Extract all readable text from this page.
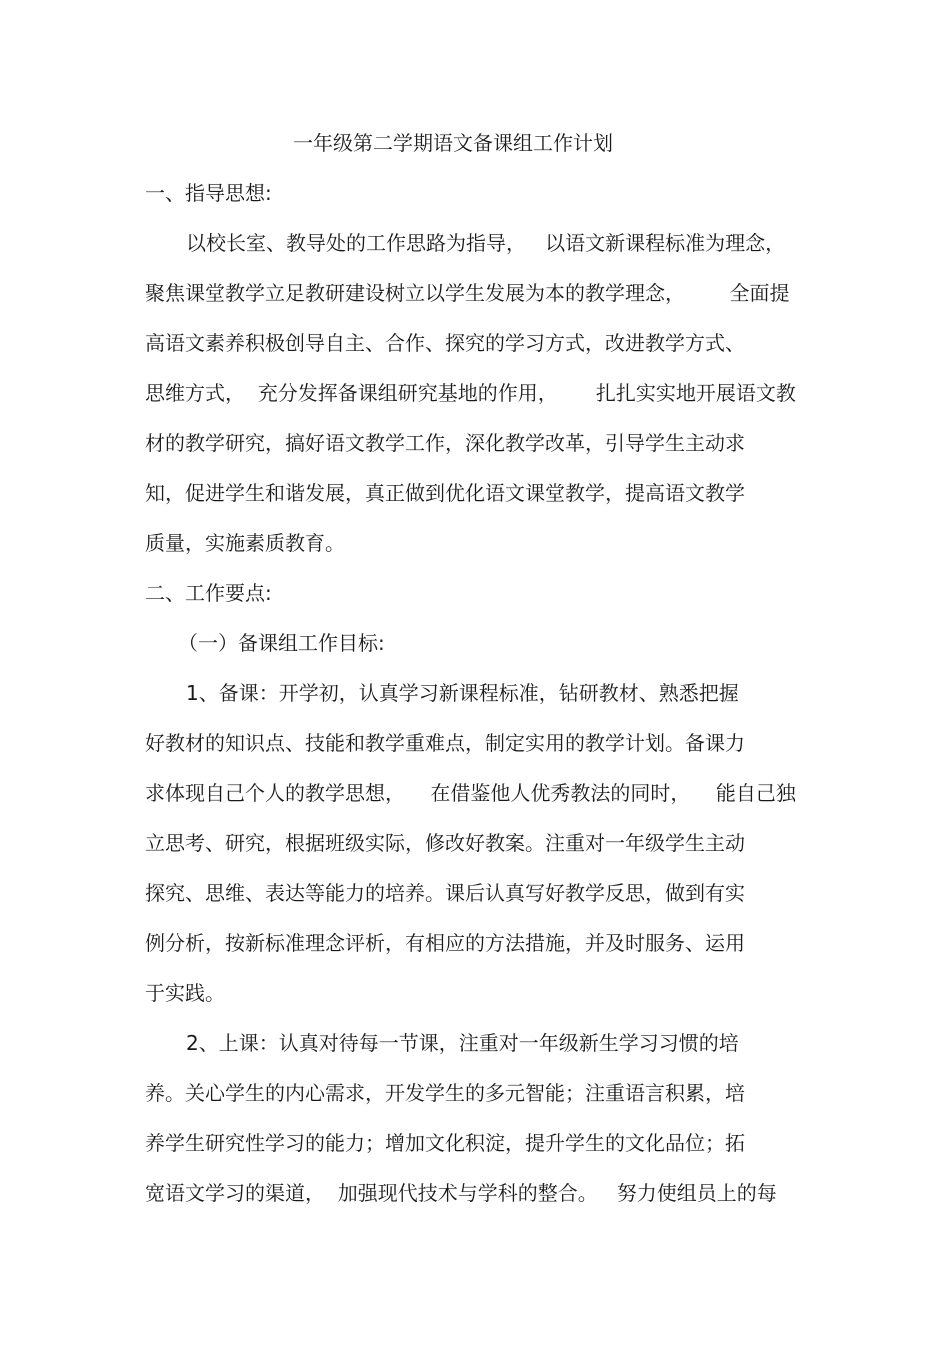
一年级第二学期语文备课组工作计划
一、指导思想:
以校长室、教导处的工作思路为指导，   以语文新课程标准为理念，
聚焦课堂教学立足教研建设树立以学生发展为本的教学理念，       全面提
高语文素养积极创导自主、合作、探究的学习方式，改进教学方式、
思维方式，  充分发挥备课组研究基地的作用，      扎扎实实地开展语文教
材的教学研究，搞好语文教学工作，深化教学改革，引导学生主动求
知，促进学生和谐发展，真正做到优化语文课堂教学，提高语文教学
质量，实施素质教育。
二、工作要点:
（一）备课组工作目标:
1、备课：开学初，认真学习新课程标准，钻研教材、熟悉把握
好教材的知识点、技能和教学重难点，制定实用的教学计划。备课力
求体现自己个人的教学思想，    在借鉴他人优秀教法的同时，    能自己独
立思考、研究，根据班级实际，修改好教案。注重对一年级学生主动
探究、思维、表达等能力的培养。课后认真写好教学反思，做到有实
例分析，按新标准理念评析，有相应的方法措施，并及时服务、运用
于实践。
2、上课：认真对待每一节课，注重对一年级新生学习习惯的培
养。关心学生的内心需求，开发学生的多元智能；注重语言积累，培
养学生研究性学习的能力；增加文化积淀，提升学生的文化品位；拓
宽语文学习的渠道，  加强现代技术与学科的整合。   努力使组员上的每
